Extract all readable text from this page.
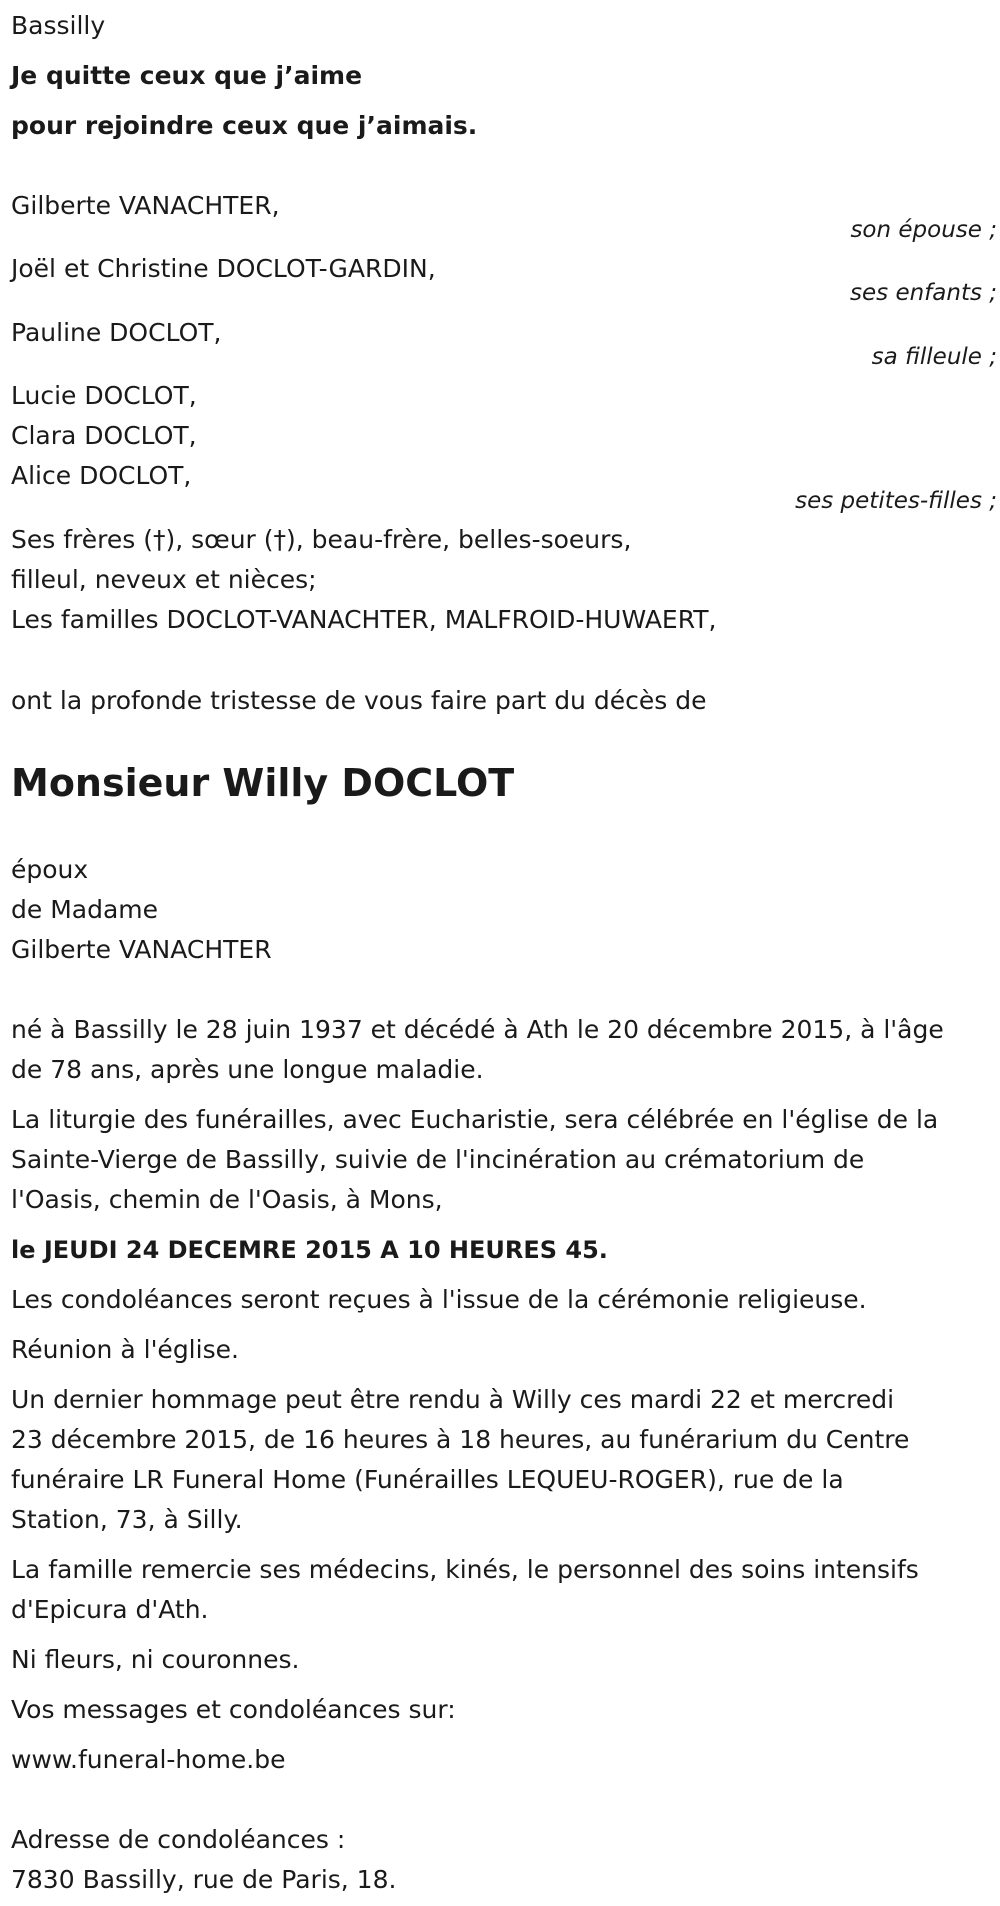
Bassilly

Je quitte ceux que j’aime

pour rejoindre ceux que j’aimais.

Gilberte VANACHTER,

son épouse ;

Joël et Christine DOCLOT-GARDIN,

ses enfants ;

Pauline DOCLOT,

sa filleule ;

Lucie DOCLOT,

Clara DOCLOT,

Alice DOCLOT,

ses petites-filles ;

Ses frères (†), sœur (†), beau-frère, belles-soeurs,

filleul, neveux et nièces;

Les familles DOCLOT-VANACHTER, MALFROID-HUWAERT,

ont la profonde tristesse de vous faire part du décès de

Monsieur Willy DOCLOT

époux

de Madame

Gilberte VANACHTER

né à Bassilly le 28 juin 1937 et décédé à Ath le 20 décembre 2015, à l'âge
de 78 ans, après une longue maladie.
La liturgie des funérailles, avec Eucharistie, sera célébrée en l'église de la
Sainte-Vierge de Bassilly, suivie de l'incinération au crématorium de
l'Oasis, chemin de l'Oasis, à Mons,

le JEUDI 24 DECEMRE 2015 A 10 HEURES 45.

Les condoléances seront reçues à l'issue de la cérémonie religieuse.

Réunion à l'église.

Un dernier hommage peut être rendu à Willy ces mardi 22 et mercredi
23 décembre 2015, de 16 heures à 18 heures, au funérarium du Centre
funéraire LR Funeral Home (Funérailles LEQUEU-ROGER), rue de la
Station, 73, à Silly.
La famille remercie ses médecins, kinés, le personnel des soins intensifs
d'Epicura d'Ath.

Ni fleurs, ni couronnes.

Vos messages et condoléances sur:

www.funeral-home.be

Adresse de condoléances :

7830 Bassilly, rue de Paris, 18.
